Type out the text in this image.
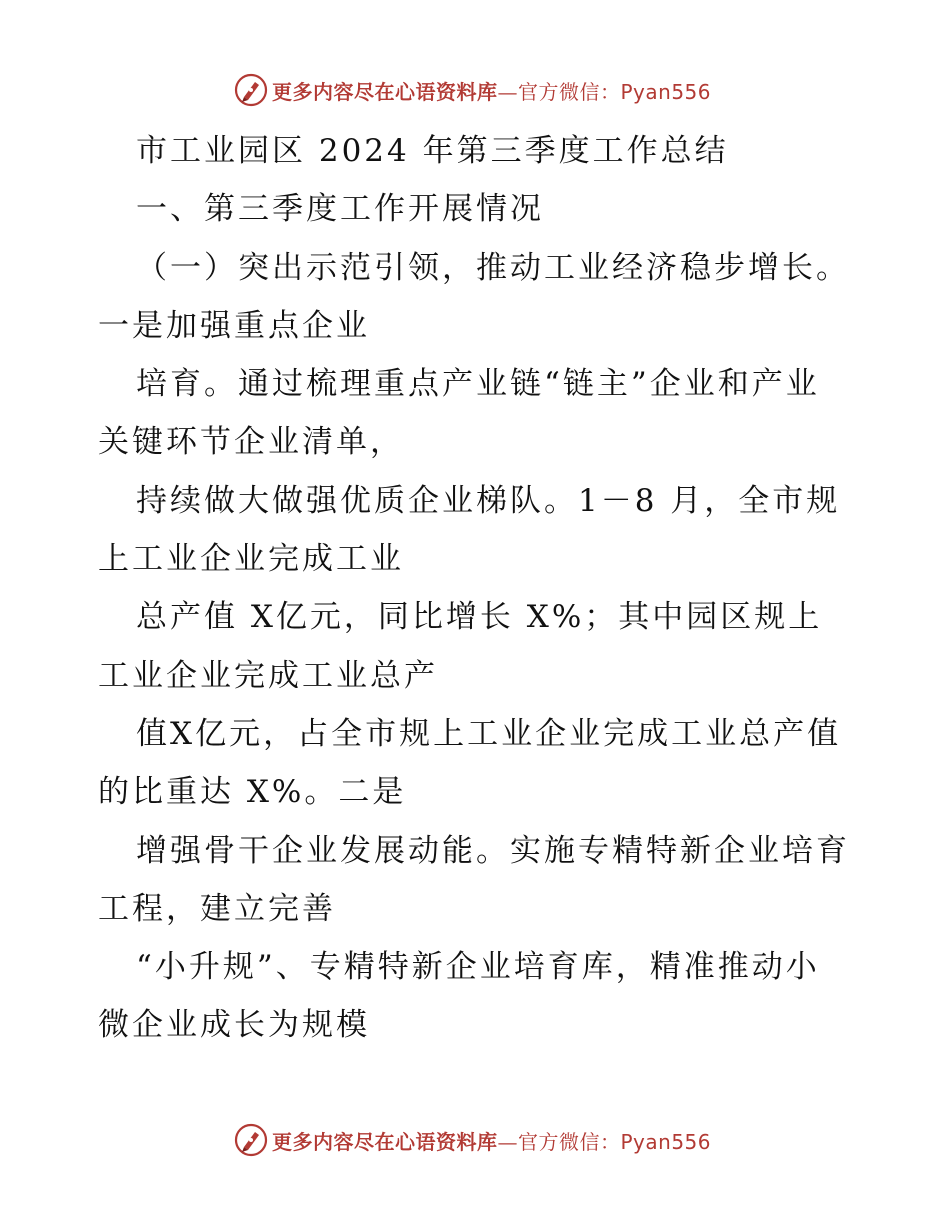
更多内容尽在心语资料库—官方微信：Pyan556
市工业园区 2024 年第三季度工作总结
一、第三季度工作开展情况
（一）突出示范引领，推动工业经济稳步增长。
一是加强重点企业
培育。通过梳理重点产业链“链主”企业和产业
关键环节企业清单，
持续做大做强优质企业梯队。1－8 月，全市规
上工业企业完成工业
总产值 X亿元，同比增长 X%；其中园区规上
工业企业完成工业总产
值X亿元，占全市规上工业企业完成工业总产值
的比重达 X%。二是
增强骨干企业发展动能。实施专精特新企业培育
工程，建立完善
“小升规”、专精特新企业培育库，精准推动小
微企业成长为规模
更多内容尽在心语资料库—官方微信：Pyan556
